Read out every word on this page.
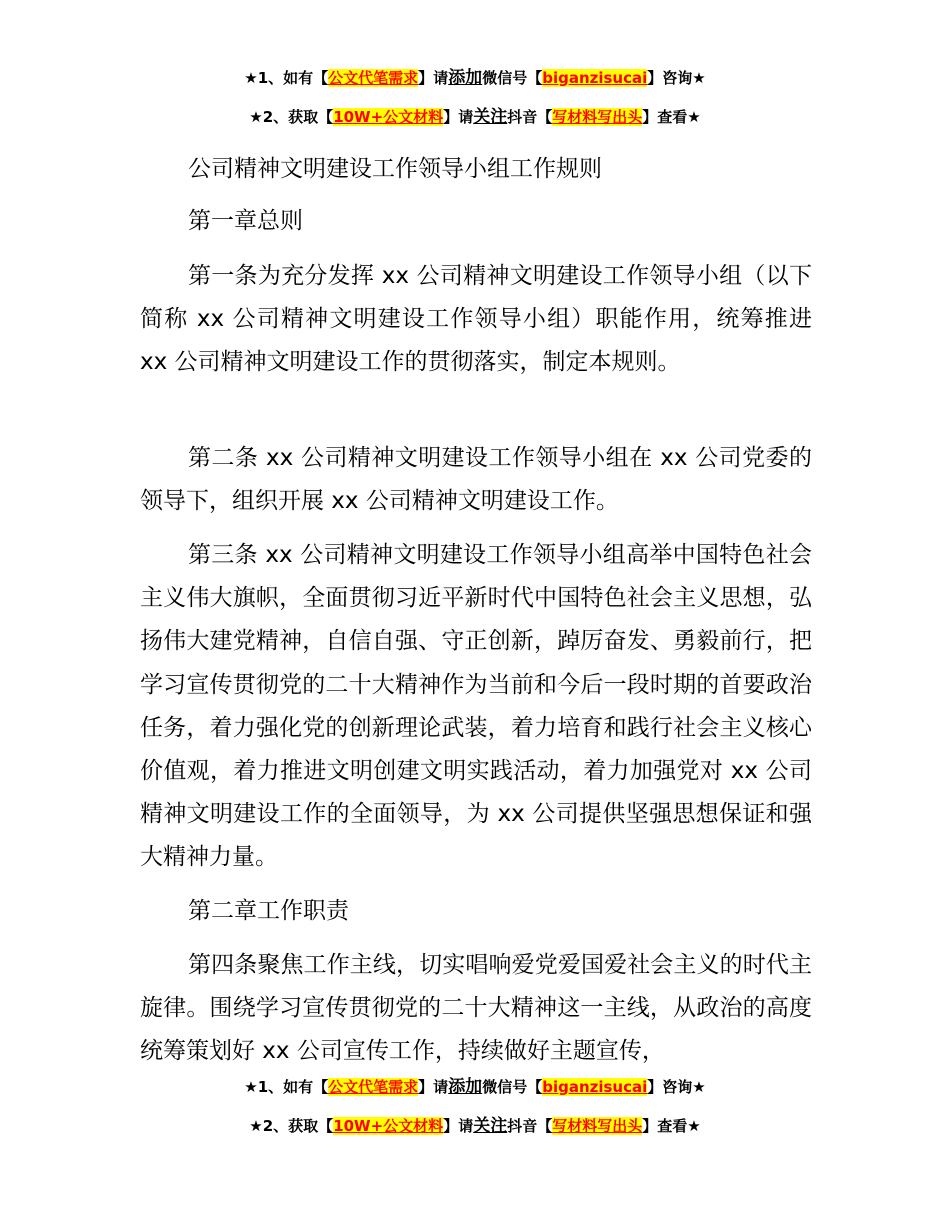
★1、如有【公文代笔需求】请添加微信号【biganzisucai】咨询★
★2、获取【10W+公文材料】请关注抖音【写材料写出头】查看★
公司精神文明建设工作领导小组工作规则
第一章总则
第一条为充分发挥 xx 公司精神文明建设工作领导小组（以下简称 xx 公司精神文明建设工作领导小组）职能作用，统筹推进 xx 公司精神文明建设工作的贯彻落实，制定本规则。
第二条 xx 公司精神文明建设工作领导小组在 xx 公司党委的领导下，组织开展 xx 公司精神文明建设工作。
第三条 xx 公司精神文明建设工作领导小组高举中国特色社会主义伟大旗帜，全面贯彻习近平新时代中国特色社会主义思想，弘扬伟大建党精神，自信自强、守正创新，踔厉奋发、勇毅前行，把学习宣传贯彻党的二十大精神作为当前和今后一段时期的首要政治任务，着力强化党的创新理论武装，着力培育和践行社会主义核心价值观，着力推进文明创建文明实践活动，着力加强党对 xx 公司精神文明建设工作的全面领导，为 xx 公司提供坚强思想保证和强大精神力量。
第二章工作职责
第四条聚焦工作主线，切实唱响爱党爱国爱社会主义的时代主旋律。围绕学习宣传贯彻党的二十大精神这一主线，从政治的高度统筹策划好 xx 公司宣传工作，持续做好主题宣传，
★1、如有【公文代笔需求】请添加微信号【biganzisucai】咨询★
★2、获取【10W+公文材料】请关注抖音【写材料写出头】查看★
